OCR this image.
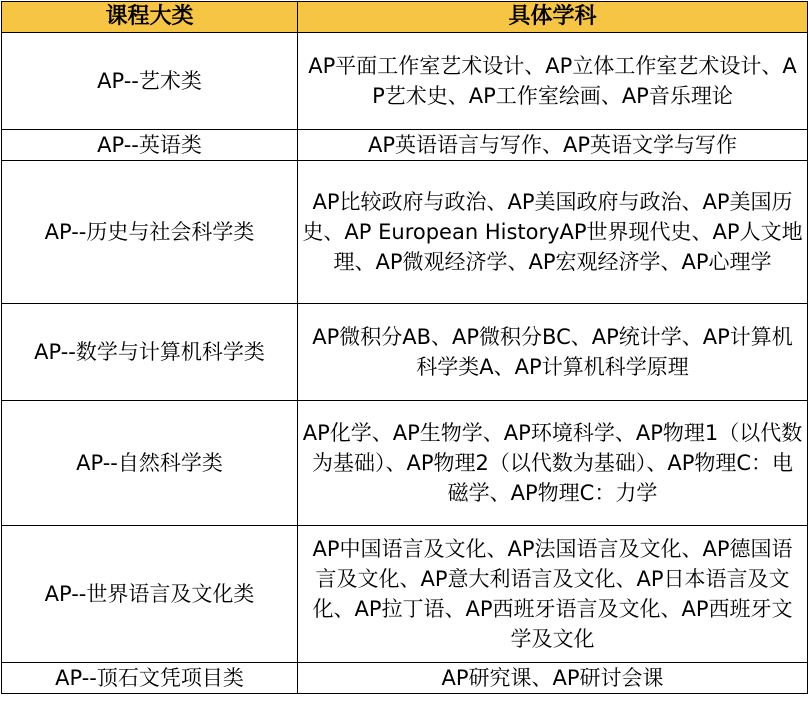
课程大类	具体学科
AP--艺术类	AP平面工作室艺术设计、AP立体工作室艺术设计、AP艺术史、AP工作室绘画、AP音乐理论
AP--英语类	AP英语语言与写作、AP英语文学与写作
AP--历史与社会科学类	AP比较政府与政治、AP美国政府与政治、AP美国历史、AP European HistoryAP世界现代史、AP人文地理、AP微观经济学、AP宏观经济学、AP心理学
AP--数学与计算机科学类	AP微积分AB、AP微积分BC、AP统计学、AP计算机科学类A、AP计算机科学原理
AP--自然科学类	AP化学、AP生物学、AP环境科学、AP物理1（以代数为基础）、AP物理2（以代数为基础）、AP物理C：电磁学、AP物理C：力学
AP--世界语言及文化类	AP中国语言及文化、AP法国语言及文化、AP德国语言及文化、AP意大利语言及文化、AP日本语言及文化、AP拉丁语、AP西班牙语言及文化、AP西班牙文学及文化
AP--顶石文凭项目类	AP研究课、AP研讨会课
